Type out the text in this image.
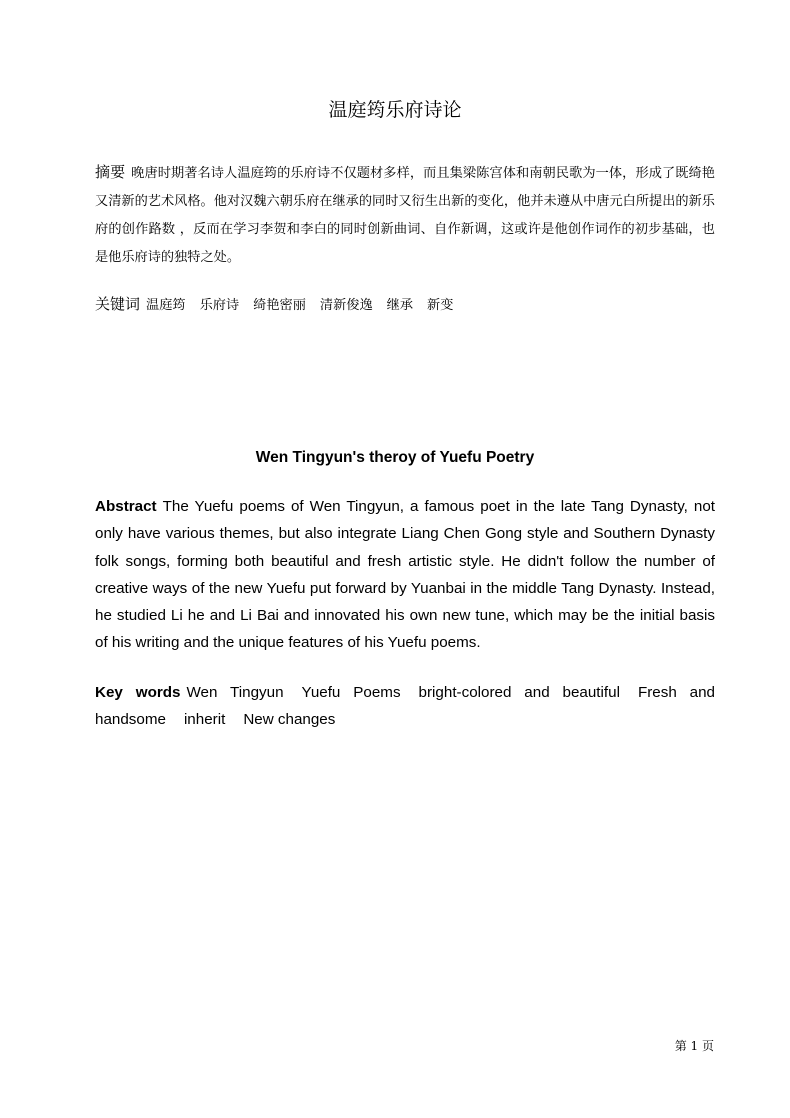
温庭筠乐府诗论

摘要 晚唐时期著名诗人温庭筠的乐府诗不仅题材多样，而且集梁陈宫体和南朝民歌为一体，形成了既绮艳又清新的艺术风格。他对汉魏六朝乐府在继承的同时又衍生出新的变化，他并未遵从中唐元白所提出的新乐府的创作路数 ，反而在学习李贺和李白的同时创新曲词、自作新调，这或许是他创作词作的初步基础，也是他乐府诗的独特之处。

关键词 温庭筠 乐府诗 绮艳密丽 清新俊逸 继承 新变

Wen Tingyun's theroy of Yuefu Poetry

Abstract The Yuefu poems of Wen Tingyun, a famous poet in the late Tang Dynasty, not only have various themes, but also integrate Liang Chen Gong style and Southern Dynasty folk songs, forming both beautiful and fresh artistic style. He didn't follow the number of creative ways of the new Yuefu put forward by Yuanbai in the middle Tang Dynasty. Instead, he studied Li he and Li Bai and innovated his own new tune, which may be the initial basis of his writing and the unique features of his Yuefu poems.

Key words Wen Tingyun Yuefu Poems bright-colored and beautiful Fresh and handsome inherit New changes

第 1 页
